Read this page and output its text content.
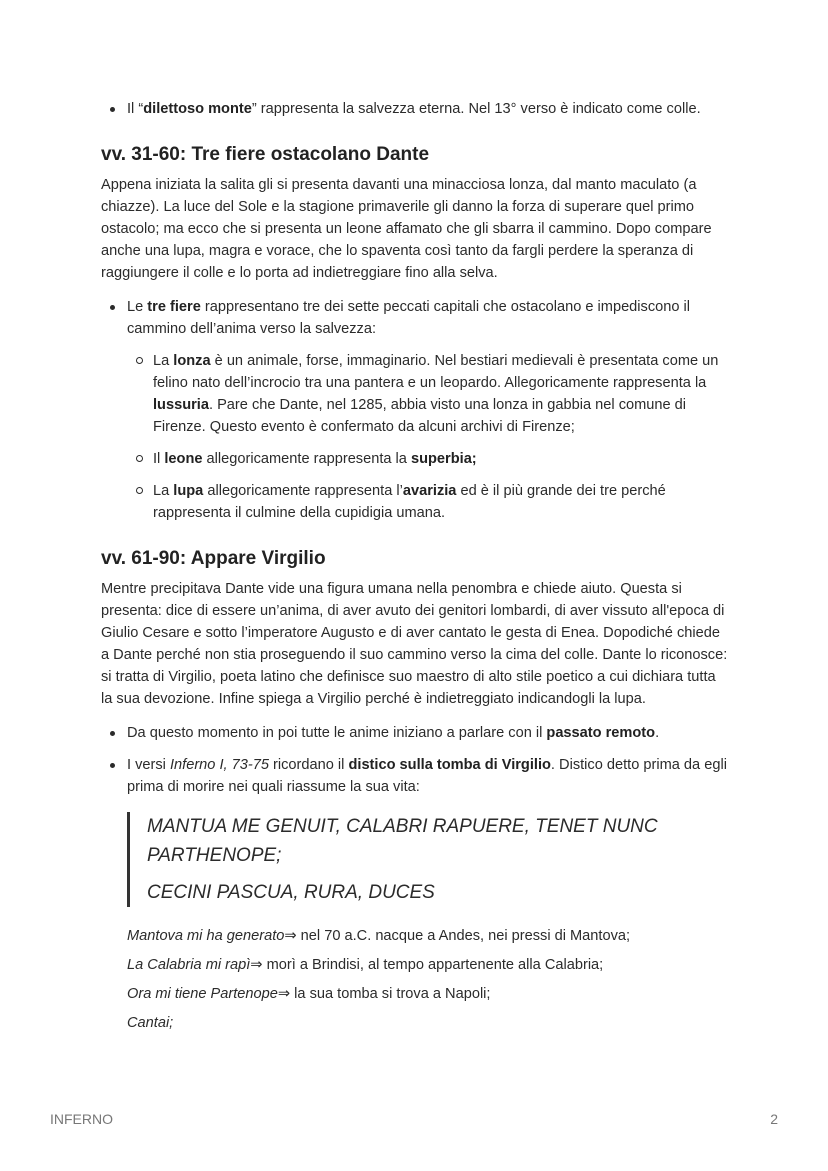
Il “dilettoso monte” rappresenta la salvezza eterna. Nel 13° verso è indicato come colle.
vv. 31-60: Tre fiere ostacolano Dante

Appena iniziata la salita gli si presenta davanti una minacciosa lonza, dal manto maculato (a chiazze). La luce del Sole e la stagione primaverile gli danno la forza di superare quel primo ostacolo; ma ecco che si presenta un leone affamato che gli sbarra il cammino. Dopo compare anche una lupa, magra e vorace, che lo spaventa così tanto da fargli perdere la speranza di raggiungere il colle e lo porta ad indietreggiare fino alla selva.

Le tre fiere rappresentano tre dei sette peccati capitali che ostacolano e impediscono il cammino dell’anima verso la salvezza:
La lonza è un animale, forse, immaginario. Nel bestiari medievali è presentata come un felino nato dell’incrocio tra una pantera e un leopardo. Allegoricamente rappresenta la lussuria. Pare che Dante, nel 1285, abbia visto una lonza in gabbia nel comune di Firenze. Questo evento è confermato da alcuni archivi di Firenze;
Il leone allegoricamente rappresenta la superbia;
La lupa allegoricamente rappresenta l’avarizia ed è il più grande dei tre perché rappresenta il culmine della cupidigia umana.
vv. 61-90: Appare Virgilio

Mentre precipitava Dante vide una figura umana nella penombra e chiede aiuto. Questa si presenta: dice di essere un’anima, di aver avuto dei genitori lombardi, di aver vissuto all'epoca di Giulio Cesare e sotto l’imperatore Augusto e di aver cantato le gesta di Enea. Dopodiché chiede a Dante perché non stia proseguendo il suo cammino verso la cima del colle. Dante lo riconosce: si tratta di Virgilio, poeta latino che definisce suo maestro di alto stile poetico a cui dichiara tutta la sua devozione. Infine spiega a Virgilio perché è indietreggiato indicandogli la lupa.

Da questo momento in poi tutte le anime iniziano a parlare con il passato remoto.
I versi Inferno I, 73-75 ricordano il distico sulla tomba di Virgilio. Distico detto prima da egli prima di morire nei quali riassume la sua vita:

MANTUA ME GENUIT, CALABRI RAPUERE, TENET NUNC PARTHENOPE;

CECINI PASCUA, RURA, DUCES

Mantova mi ha generato⇒ nel 70 a.C. nacque a Andes, nei pressi di Mantova;

La Calabria mi rapì⇒ morì a Brindisi, al tempo appartenente alla Calabria;

Ora mi tiene Partenope⇒ la sua tomba si trova a Napoli;

Cantai;

INFERNO	2
